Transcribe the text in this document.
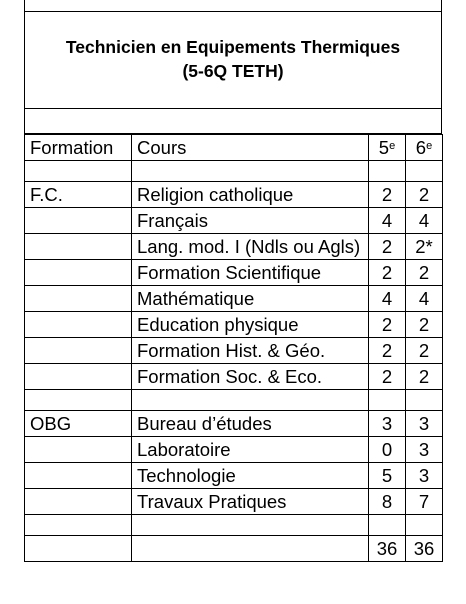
Technicien en Equipements Thermiques
(5-6Q TETH)
Formation	Cours	5e	6e

F.C.	Religion catholique	2	2
	Français	4	4
	Lang. mod. I (Ndls ou Agls)	2	2*
	Formation Scientifique	2	2
	Mathématique	4	4
	Education physique	2	2
	Formation Hist. & Géo.	2	2
	Formation Soc. & Eco.	2	2

OBG	Bureau d’études	3	3
	Laboratoire	0	3
	Technologie	5	3
	Travaux Pratiques	8	7

		36	36
